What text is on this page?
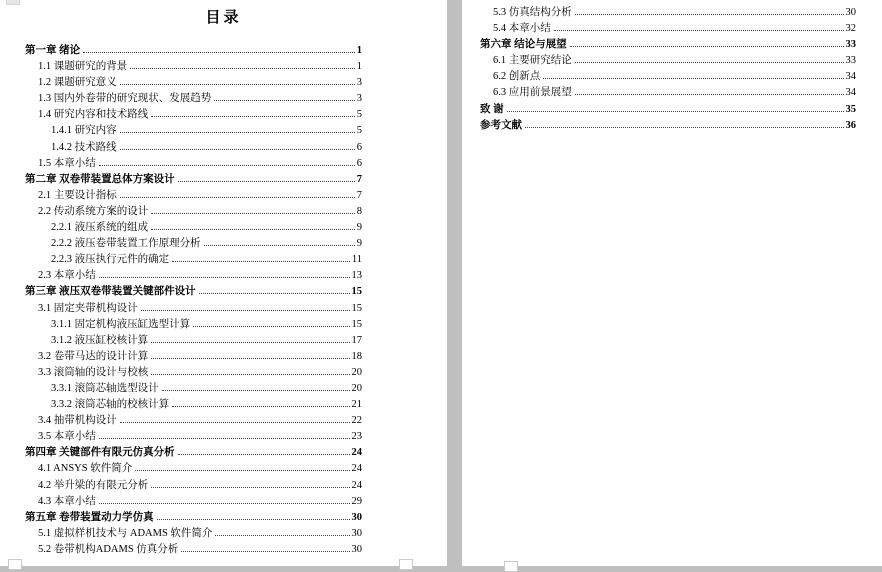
目录
第一章 绪论	1
1.1 课题研究的背景	1
1.2 课题研究意义	3
1.3 国内外卷带的研究现状、发展趋势	3
1.4 研究内容和技术路线	5
1.4.1 研究内容	5
1.4.2 技术路线	6
1.5 本章小结	6
第二章 双卷带装置总体方案设计	7
2.1 主要设计指标	7
2.2 传动系统方案的设计	8
2.2.1 液压系统的组成	9
2.2.2 液压卷带装置工作原理分析	9
2.2.3 液压执行元件的确定	11
2.3 本章小结	13
第三章 液压双卷带装置关键部件设计	15
3.1 固定夹带机构设计	15
3.1.1 固定机构液压缸选型计算	15
3.1.2 液压缸校核计算	17
3.2 卷带马达的设计计算	18
3.3 滚筒轴的设计与校核	20
3.3.1 滚筒芯轴选型设计	20
3.3.2 滚筒芯轴的校核计算	21
3.4 抽带机构设计	22
3.5 本章小结	23
第四章 关键部件有限元仿真分析	24
4.1 ANSYS 软件简介	24
4.2 举升梁的有限元分析	24
4.3 本章小结	29
第五章 卷带装置动力学仿真	30
5.1 虚拟样机技术与 ADAMS 软件简介	30
5.2 卷带机构ADAMS 仿真分析	30
5.3 仿真结构分析	30
5.4 本章小结	32
第六章 结论与展望	33
6.1 主要研究结论	33
6.2 创新点	34
6.3 应用前景展望	34
致 谢	35
参考文献	36
